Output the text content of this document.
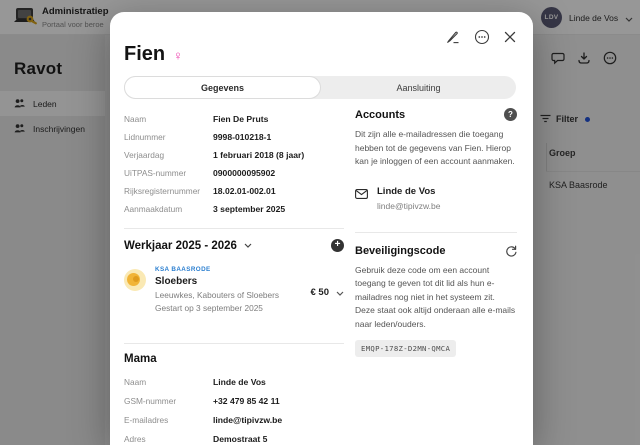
Administratiep
Portaal voor beroe
LDV	Linde de Vos
Ravot
Leden
Inschrijvingen
Filter
Groep
KSA Baasrode
Fien ♀
Gegevens	Aansluiting
Naam	Fien De Pruts
Lidnummer	9998-010218-1
Verjaardag	1 februari 2018 (8 jaar)
UiTPAS-nummer	0900000095902
Rijksregisternummer	18.02.01-002.01
Aanmaakdatum	3 september 2025
Werkjaar 2025 - 2026	+
KSA BAASRODE
Sloebers
Leeuwkes, Kabouters of Sloebers
Gestart op 3 september 2025
€ 50
Mama
Naam	Linde de Vos
GSM-nummer	+32 479 85 42 11
E-mailadres	linde@tipivzw.be
Adres	Demostraat 5
Accounts	?
Dit zijn alle e-mailadressen die toegang hebben tot de gegevens van Fien. Hierop kan je inloggen of een account aanmaken.
Linde de Vos
linde@tipivzw.be
Beveiligingscode
Gebruik deze code om een account toegang te geven tot dit lid als hun e-mailadres nog niet in het systeem zit. Deze staat ook altijd onderaan alle e-mails naar leden/ouders.
EMQP-178Z-D2MN-QMCA
